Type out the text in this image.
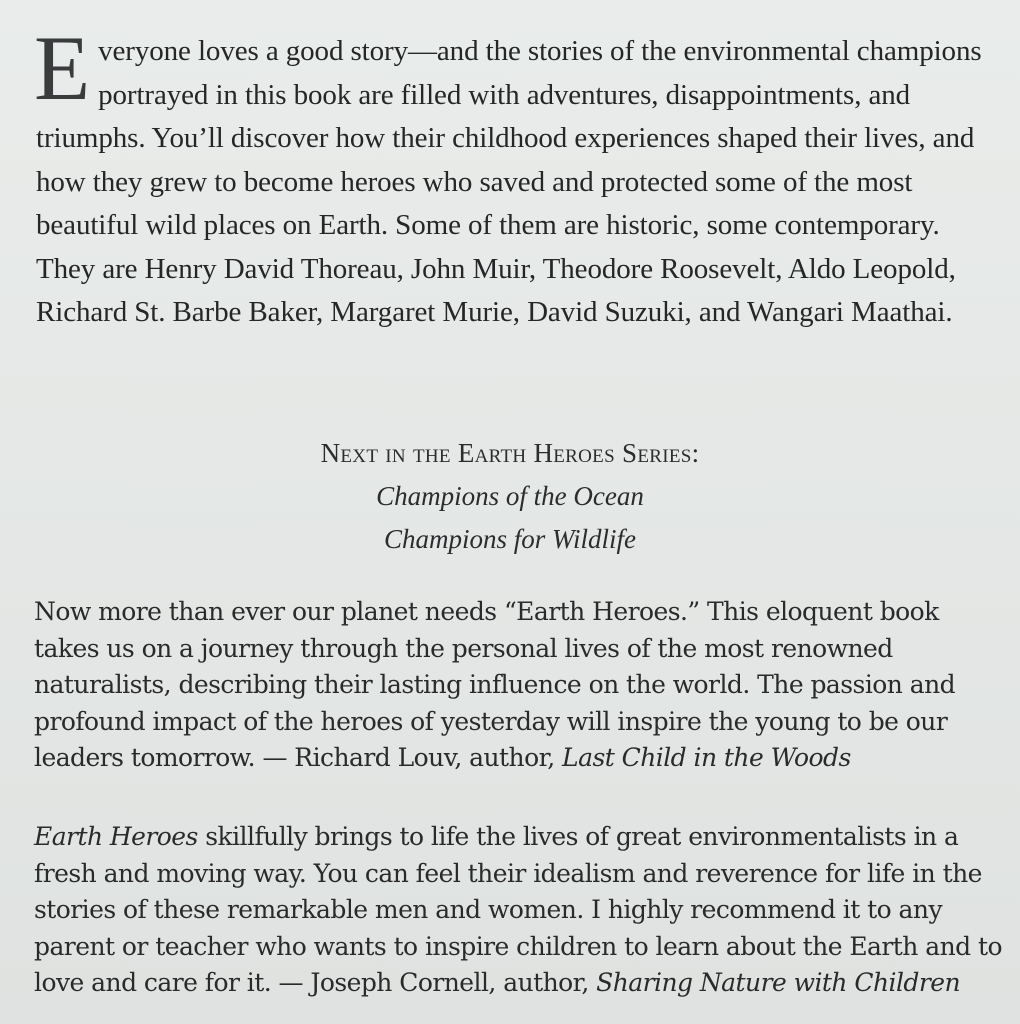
Everyone loves a good story—and the stories of the environmental champions portrayed in this book are filled with adventures, disappointments, and triumphs. You’ll discover how their childhood experiences shaped their lives, and how they grew to become heroes who saved and protected some of the most beautiful wild places on Earth. Some of them are historic, some contemporary. They are Henry David Thoreau, John Muir, Theodore Roosevelt, Aldo Leopold, Richard St. Barbe Baker, Margaret Murie, David Suzuki, and Wangari Maathai.

Next in the Earth Heroes Series:
Champions of the Ocean
Champions for Wildlife

Now more than ever our planet needs “Earth Heroes.” This eloquent book takes us on a journey through the personal lives of the most renowned naturalists, describing their lasting influence on the world. The passion and profound impact of the heroes of yesterday will inspire the young to be our leaders tomorrow. — Richard Louv, author, Last Child in the Woods

Earth Heroes skillfully brings to life the lives of great environmentalists in a fresh and moving way. You can feel their idealism and reverence for life in the stories of these remarkable men and women. I highly recommend it to any parent or teacher who wants to inspire children to learn about the Earth and to love and care for it. — Joseph Cornell, author, Sharing Nature with Children
